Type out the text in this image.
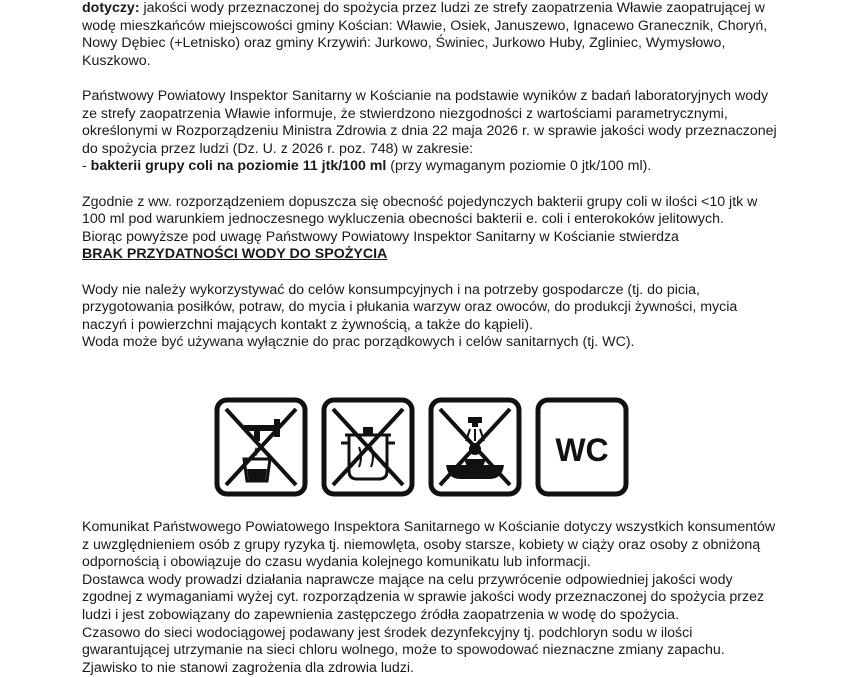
dotyczy: jakości wody przeznaczonej do spożycia przez ludzi ze strefy zaopatrzenia Wławie zaopatrującej w wodę mieszkańców miejscowości gminy Kościan: Wławie, Osiek, Januszewo, Ignacewo Granecznik, Choryń, Nowy Dębiec (+Letnisko) oraz gminy Krzywiń: Jurkowo, Świniec, Jurkowo Huby, Zgliniec, Wymysłowo, Kuszkowo.

Państwowy Powiatowy Inspektor Sanitarny w Kościanie na podstawie wyników z badań laboratoryjnych wody ze strefy zaopatrzenia Wławie informuje, że stwierdzono niezgodności z wartościami parametrycznymi, określonymi w Rozporządzeniu Ministra Zdrowia z dnia 22 maja 2026 r. w sprawie jakości wody przeznaczonej do spożycia przez ludzi (Dz. U. z 2026 r. poz. 748) w zakresie:

- bakterii grupy coli na poziomie 11 jtk/100 ml (przy wymaganym poziomie 0 jtk/100 ml).

Zgodnie z ww. rozporządzeniem dopuszcza się obecność pojedynczych bakterii grupy coli w ilości <10 jtk w 100 ml pod warunkiem jednoczesnego wykluczenia obecności bakterii e. coli i enterokoków jelitowych.

Biorąc powyższe pod uwagę Państwowy Powiatowy Inspektor Sanitarny w Kościanie stwierdza

BRAK PRZYDATNOŚCI WODY DO SPOŻYCIA

Wody nie należy wykorzystywać do celów konsumpcyjnych i na potrzeby gospodarcze (tj. do picia, przygotowania posiłków, potraw, do mycia i płukania warzyw oraz owoców, do produkcji żywności, mycia naczyń i powierzchni mających kontakt z żywnością, a także do kąpieli).

Woda może być używana wyłącznie do prac porządkowych i celów sanitarnych (tj. WC).

WC

Komunikat Państwowego Powiatowego Inspektora Sanitarnego w Kościanie dotyczy wszystkich konsumentów z uwzględnieniem osób z grupy ryzyka tj. niemowlęta, osoby starsze, kobiety w ciąży oraz osoby z obniżoną odpornością i obowiązuje do czasu wydania kolejnego komunikatu lub informacji.

Dostawca wody prowadzi działania naprawcze mające na celu przywrócenie odpowiedniej jakości wody zgodnej z wymaganiami wyżej cyt. rozporządzenia w sprawie jakości wody przeznaczonej do spożycia przez ludzi i jest zobowiązany do zapewnienia zastępczego źródła zaopatrzenia w wodę do spożycia.

Czasowo do sieci wodociągowej podawany jest środek dezynfekcyjny tj. podchloryn sodu w ilości gwarantującej utrzymanie na sieci chloru wolnego, może to spowodować nieznaczne zmiany zapachu. Zjawisko to nie stanowi zagrożenia dla zdrowia ludzi.
